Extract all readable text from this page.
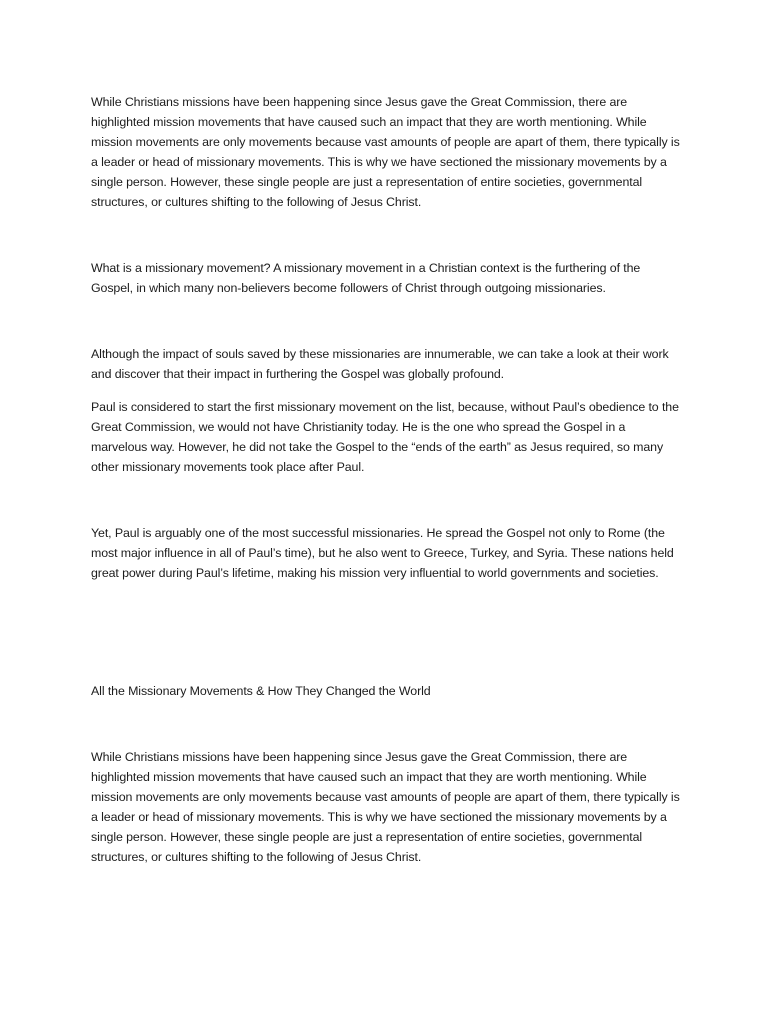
While Christians missions have been happening since Jesus gave the Great Commission, there are highlighted mission movements that have caused such an impact that they are worth mentioning. While mission movements are only movements because vast amounts of people are apart of them, there typically is a leader or head of missionary movements. This is why we have sectioned the missionary movements by a single person. However, these single people are just a representation of entire societies, governmental structures, or cultures shifting to the following of Jesus Christ.

What is a missionary movement? A missionary movement in a Christian context is the furthering of the Gospel, in which many non-believers become followers of Christ through outgoing missionaries.

Although the impact of souls saved by these missionaries are innumerable, we can take a look at their work and discover that their impact in furthering the Gospel was globally profound.

Paul is considered to start the first missionary movement on the list, because, without Paul’s obedience to the Great Commission, we would not have Christianity today. He is the one who spread the Gospel in a marvelous way. However, he did not take the Gospel to the “ends of the earth” as Jesus required, so many other missionary movements took place after Paul.

Yet, Paul is arguably one of the most successful missionaries. He spread the Gospel not only to Rome (the most major influence in all of Paul’s time), but he also went to Greece, Turkey, and Syria. These nations held great power during Paul’s lifetime, making his mission very influential to world governments and societies.

All the Missionary Movements & How They Changed the World

While Christians missions have been happening since Jesus gave the Great Commission, there are highlighted mission movements that have caused such an impact that they are worth mentioning. While mission movements are only movements because vast amounts of people are apart of them, there typically is a leader or head of missionary movements. This is why we have sectioned the missionary movements by a single person. However, these single people are just a representation of entire societies, governmental structures, or cultures shifting to the following of Jesus Christ.
